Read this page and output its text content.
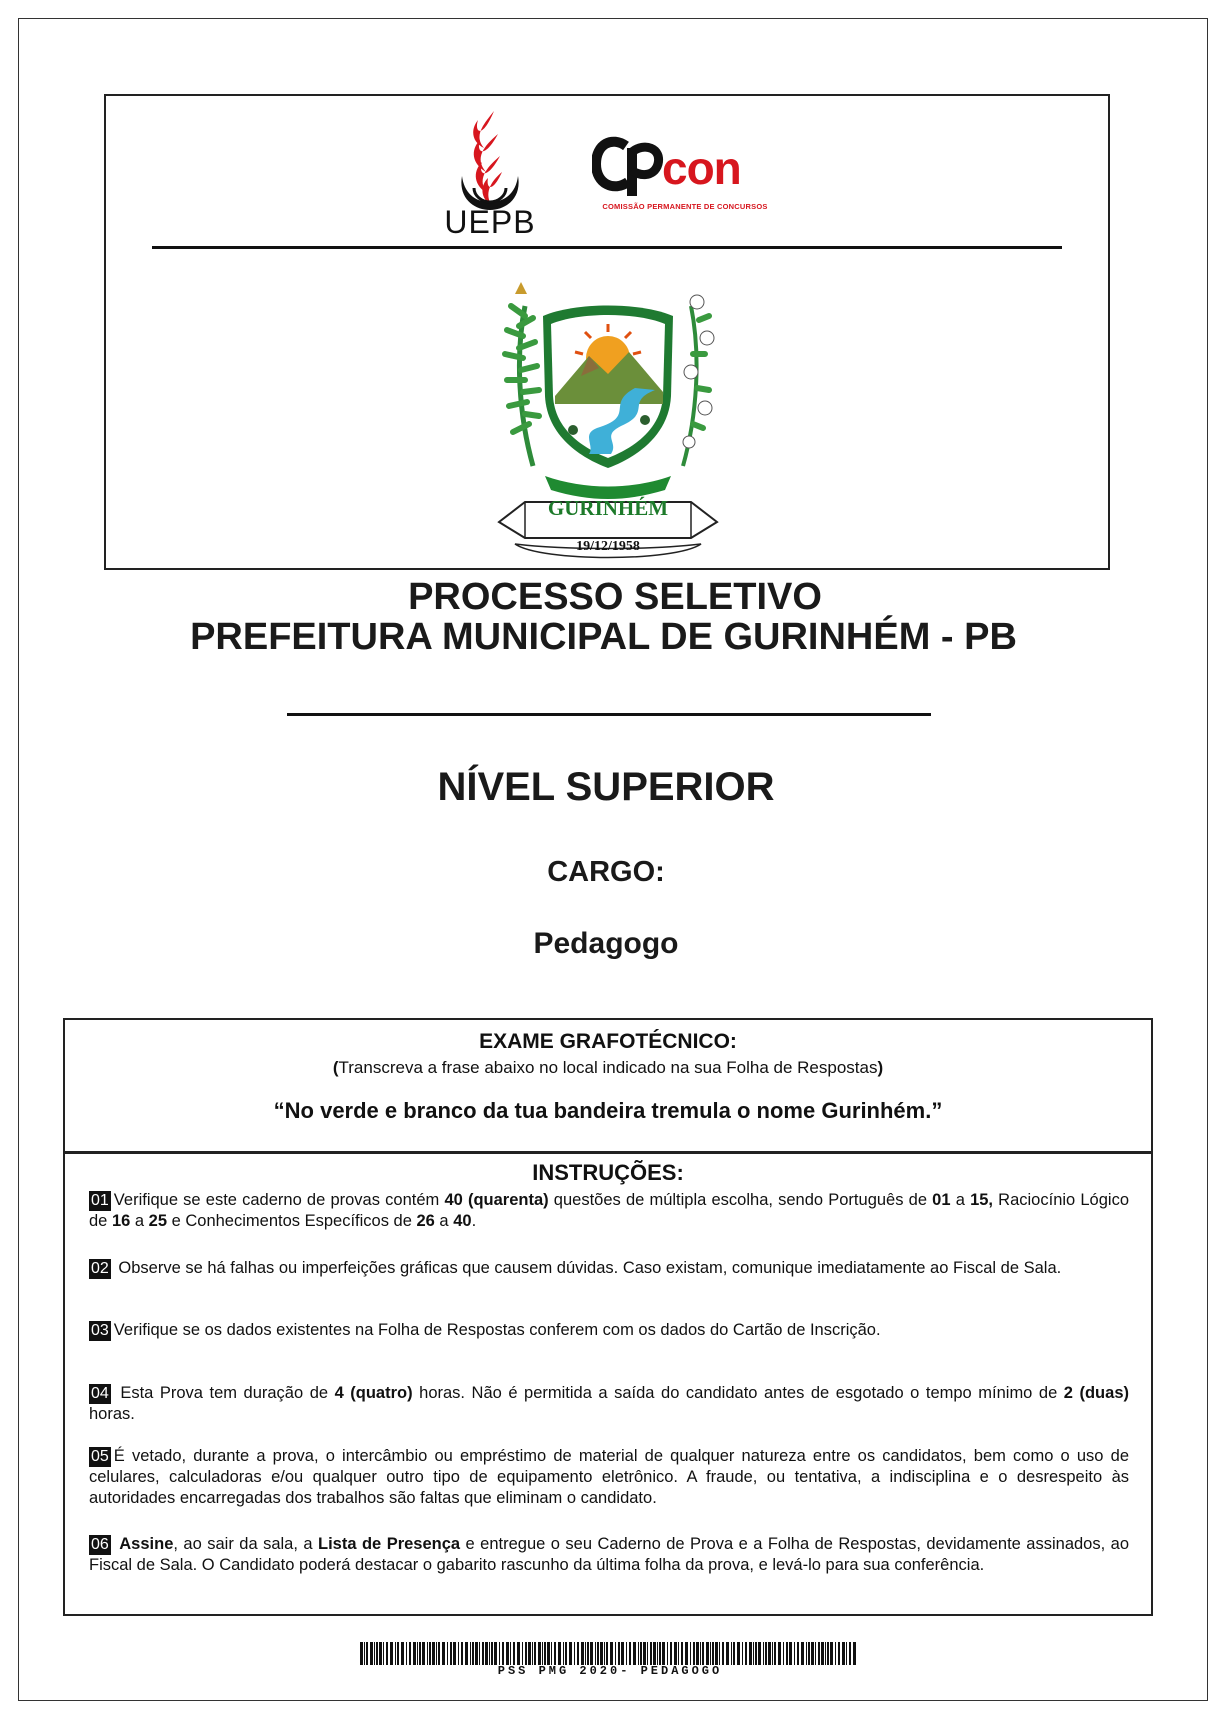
UEPB
con
COMISSÃO PERMANENTE DE CONCURSOS
GURINHÉM
19/12/1958
PROCESSO SELETIVO
PREFEITURA MUNICIPAL DE GURINHÉM - PB
NÍVEL SUPERIOR
CARGO:
Pedagogo
EXAME GRAFOTÉCNICO:
(Transcreva a frase abaixo no local indicado na sua Folha de Respostas)
“No verde e branco da tua bandeira tremula o nome Gurinhém.”
INSTRUÇÕES:
01 Verifique se este caderno de provas contém 40 (quarenta) questões de múltipla escolha, sendo Português de 01 a 15, Raciocínio Lógico de 16 a 25 e Conhecimentos Específicos de 26 a 40.
02 Observe se há falhas ou imperfeições gráficas que causem dúvidas. Caso existam, comunique imediatamente ao Fiscal de Sala.
03 Verifique se os dados existentes na Folha de Respostas conferem com os dados do Cartão de Inscrição.
04 Esta Prova tem duração de 4 (quatro) horas. Não é permitida a saída do candidato antes de esgotado o tempo mínimo de 2 (duas) horas.
05 É vetado, durante a prova, o intercâmbio ou empréstimo de material de qualquer natureza entre os candidatos, bem como o uso de celulares, calculadoras e/ou qualquer outro tipo de equipamento eletrônico. A fraude, ou tentativa, a indisciplina e o desrespeito às autoridades encarregadas dos trabalhos são faltas que eliminam o candidato.
06 Assine, ao sair da sala, a Lista de Presença e entregue o seu Caderno de Prova e a Folha de Respostas, devidamente assinados, ao Fiscal de Sala. O Candidato poderá destacar o gabarito rascunho da última folha da prova, e levá-lo para sua conferência.
PSS PMG 2020- PEDAGOGO
